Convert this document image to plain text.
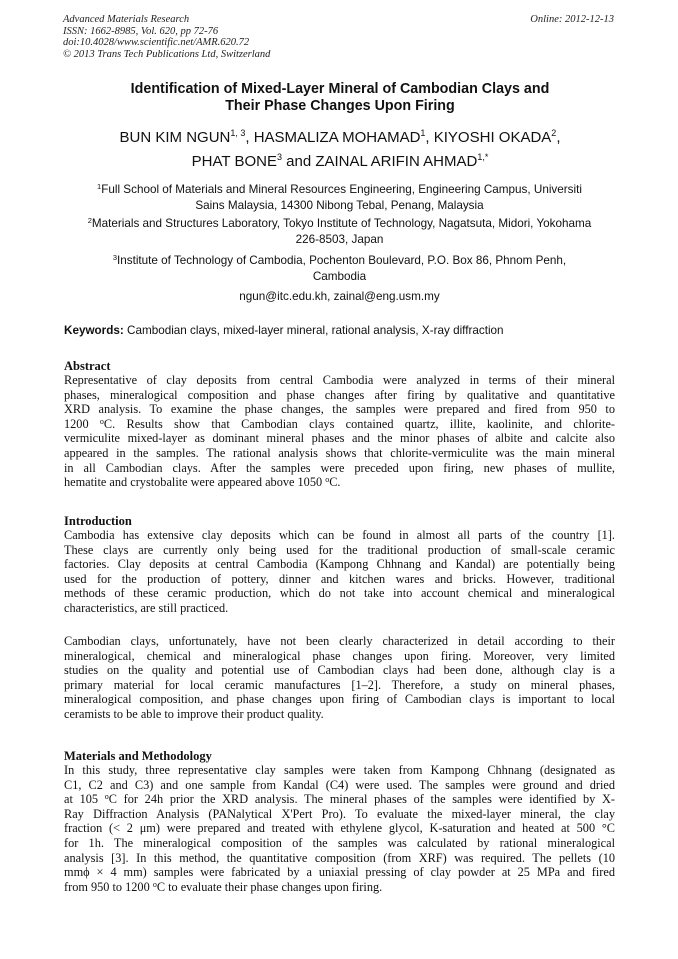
Advanced Materials Research
ISSN: 1662-8985, Vol. 620, pp 72-76
doi:10.4028/www.scientific.net/AMR.620.72
© 2013 Trans Tech Publications Ltd, Switzerland
Online: 2012-12-13
Identification of Mixed-Layer Mineral of Cambodian Clays and
Their Phase Changes Upon Firing
BUN KIM NGUN$^{1, 3}$, HASMALIZA MOHAMAD$^1$, KIYOSHI OKADA$^2$,
PHAT BONE$^3$ and ZAINAL ARIFIN $AHMAD^{1,*}$
$^1$Full School of Materials and Mineral Resources Engineering, Engineering Campus, Universiti
Sains Malaysia, 14300 Nibong Tebal, Penang, Malaysia
$^2$Materials and Structures Laboratory, Tokyo Institute of Technology, Nagatsuta, Midori, Yokohama
226-8503, Japan
$^3$Institute of Technology of Cambodia, Pochenton Boulevard, P.O. Box 86, Phnom Penh,
Cambodia
ngun@itc.edu.kh, zainal@eng.usm.my
Keywords: Cambodian clays, mixed-layer mineral, rational analysis, X-ray diffraction
Abstract
Representative of clay deposits from central Cambodia were analyzed in terms of their mineral
phases, mineralogical composition and phase changes after firing by qualitative and quantitative
XRD analysis. To examine the phase changes, the samples were prepared and fired from 950 to
1200 $^o$C. Results show that Cambodian clays contained quartz, illite, kaolinite, and chlorite-
vermiculite mixed-layer as dominant mineral phases and the minor phases of albite and calcite also
appeared in the samples. The rational analysis shows that chlorite-vermiculite was the main mineral
in all Cambodian clays. After the samples were preceded upon firing, new phases of mullite,
hematite and crystobalite were appeared above 1050 $^o$C.
Introduction
Cambodia has extensive clay deposits which can be found in almost all parts of the country [1].
These clays are currently only being used for the traditional production of small-scale ceramic
factories. Clay deposits at central Cambodia (Kampong Chhnang and Kandal) are potentially being
used for the production of pottery, dinner and kitchen wares and bricks. However, traditional
methods of these ceramic production, which do not take into account chemical and mineralogical
characteristics, are still practiced.
Cambodian clays, unfortunately, have not been clearly characterized in detail according to their
mineralogical, chemical and mineralogical phase changes upon firing. Moreover, very limited
studies on the quality and potential use of Cambodian clays had been done, although clay is a
primary material for local ceramic manufactures [1–2]. Therefore, a study on mineral phases,
mineralogical composition, and phase changes upon firing of Cambodian clays is important to local
ceramists to be able to improve their product quality.
Materials and Methodology
In this study, three representative clay samples were taken from Kampong Chhnang (designated as
C1, C2 and C3) and one sample from Kandal (C4) were used. The samples were ground and dried
at 105 $^o$C for 24h prior the XRD analysis. The mineral phases of the samples were identified by X-
Ray Diffraction Analysis (PANalytical X'Pert Pro). To evaluate the mixed-layer mineral, the clay
fraction (< 2 μm) were prepared and treated with ethylene glycol, K-saturation and heated at 500 °C
for 1h. The mineralogical composition of the samples was calculated by rational mineralogical
analysis [3]. In this method, the quantitative composition (from XRF) was required. The pellets (10
mmϕ × 4 mm) samples were fabricated by a uniaxial pressing of clay powder at 25 MPa and fired
from 950 to 1200 $^o$C to evaluate their phase changes upon firing.
